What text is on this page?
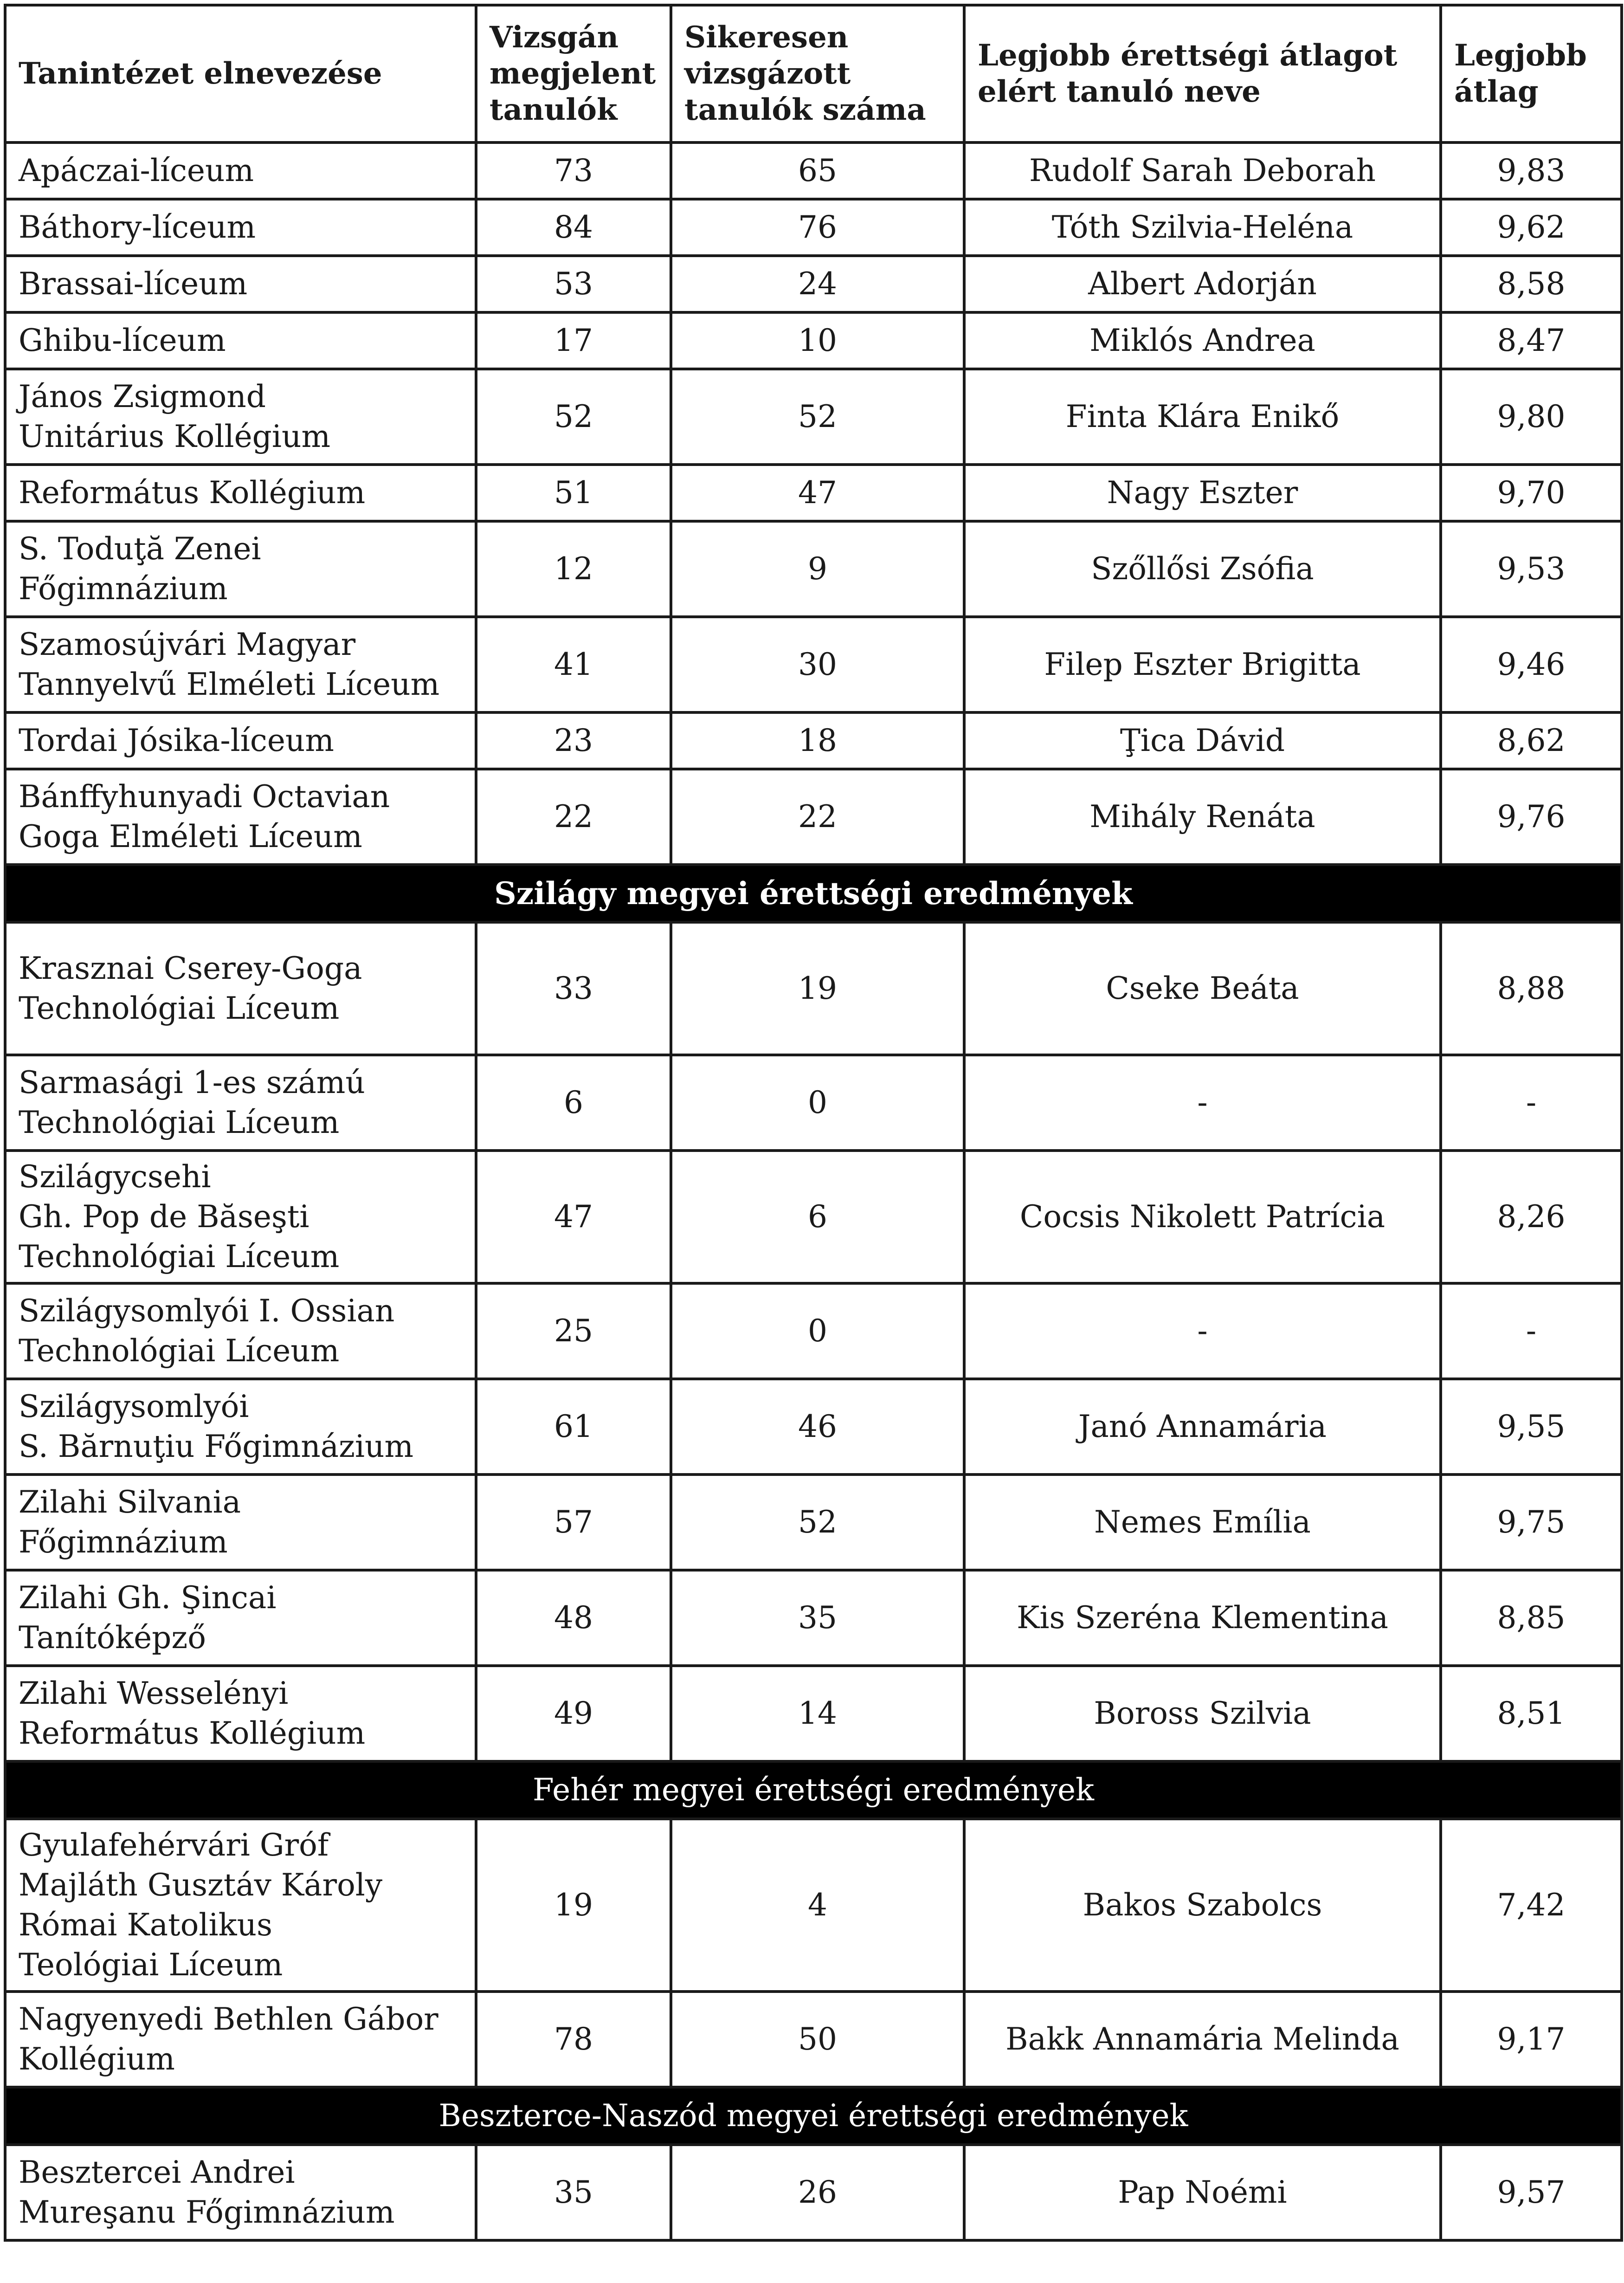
Tanintézet elnevezése	Vizsgán megjelent tanulók	Sikeresen vizsgázott tanulók száma	Legjobb érettségi átlagot elért tanuló neve	Legjobb átlag
Apáczai-líceum	73	65	Rudolf Sarah Deborah	9,83
Báthory-líceum	84	76	Tóth Szilvia-Heléna	9,62
Brassai-líceum	53	24	Albert Adorján	8,58
Ghibu-líceum	17	10	Miklós Andrea	8,47
János Zsigmond
Unitárius Kollégium	52	52	Finta Klára Enikő	9,80
Református Kollégium	51	47	Nagy Eszter	9,70
S. Toduţă Zenei
Főgimnázium	12	9	Szőllősi Zsófia	9,53
Szamosújvári Magyar
Tannyelvű Elméleti Líceum	41	30	Filep Eszter Brigitta	9,46
Tordai Jósika-líceum	23	18	Ţica Dávid	8,62
Bánffyhunyadi Octavian
Goga Elméleti Líceum	22	22	Mihály Renáta	9,76
Szilágy megyei érettségi eredmények				
Krasznai Cserey-Goga
Technológiai Líceum	33	19	Cseke Beáta	8,88
Sarmasági 1-es számú
Technológiai Líceum	6	0	-	-
Szilágycsehi
Gh. Pop de Băseşti
Technológiai Líceum	47	6	Cocsis Nikolett Patrícia	8,26
Szilágysomlyói I. Ossian
Technológiai Líceum	25	0	-	-
Szilágysomlyói
S. Bărnuţiu Főgimnázium	61	46	Janó Annamária	9,55
Zilahi Silvania
Főgimnázium	57	52	Nemes Emília	9,75
Zilahi Gh. Şincai
Tanítóképző	48	35	Kis Szeréna Klementina	8,85
Zilahi Wesselényi
Református Kollégium	49	14	Boross Szilvia	8,51
Fehér megyei érettségi eredmények				
Gyulafehérvári Gróf
Majláth Gusztáv Károly
Római Katolikus
Teológiai Líceum	19	4	Bakos Szabolcs	7,42
Nagyenyedi Bethlen Gábor
Kollégium	78	50	Bakk Annamária Melinda	9,17
Beszterce-Naszód megyei érettségi eredmények				
Besztercei Andrei
Mureşanu Főgimnázium	35	26	Pap Noémi	9,57
